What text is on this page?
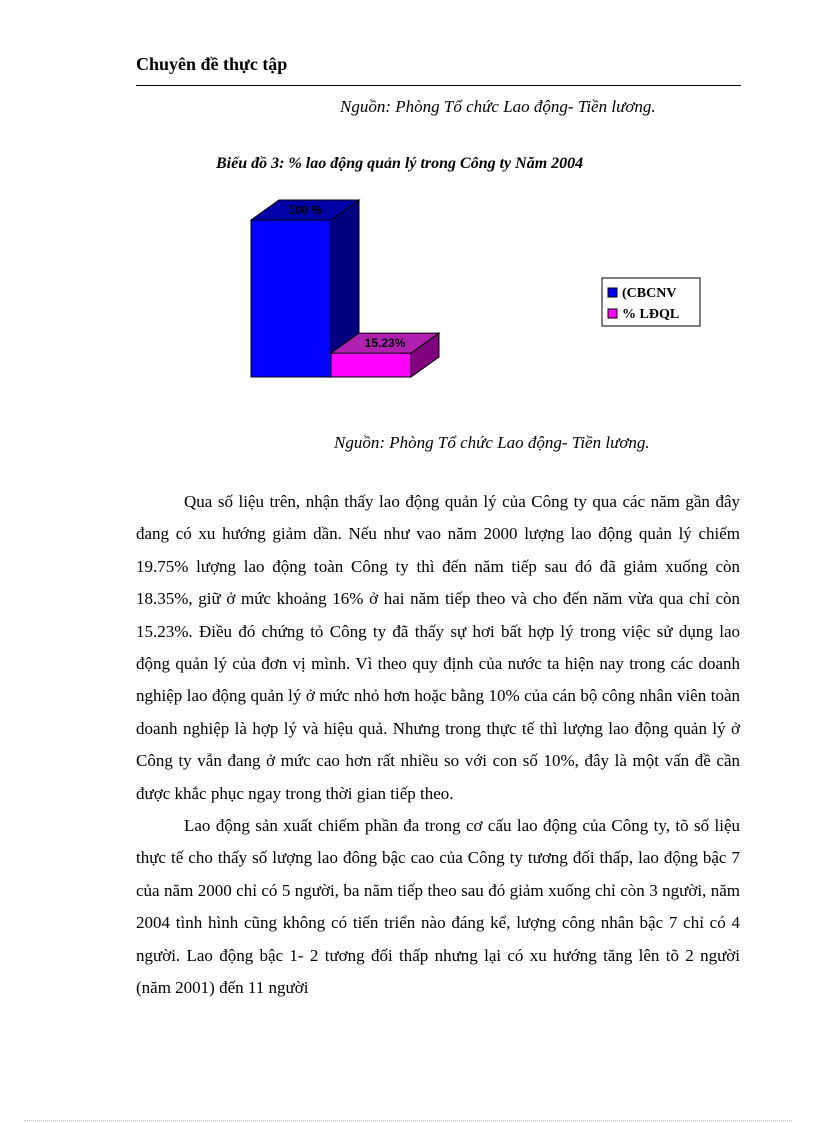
Chuyên đề thực tập
Nguồn: Phòng Tổ chức Lao động- Tiền lương.
Biểu đồ 3: % lao động quản lý trong Công ty Năm 2004
100 %
15.23%
(CBCNV
% LĐQL
Nguồn: Phòng Tổ chức Lao động- Tiền lương.

Qua số liệu trên, nhận thấy lao động quản lý của Công ty qua các năm gần đây đang có xu hướng giảm dần. Nếu như vao năm 2000 lượng lao động quản lý chiếm 19.75% lượng lao động toàn Công ty thì đến năm tiếp sau đó đã giảm xuống còn 18.35%, giữ ở mức khoảng 16% ở hai năm tiếp theo và cho đến năm vừa qua chỉ còn 15.23%. Điều đó chứng tỏ Công ty đã thấy sự hơi bất hợp lý trong việc sử dụng lao động quản lý của đơn vị mình. Vì theo quy định của nước ta hiện nay trong các doanh nghiệp lao động quản lý ở mức nhỏ hơn hoặc bằng 10% của cán bộ công nhân viên toàn doanh nghiệp là hợp lý và hiệu quả. Nhưng trong thực tế thì lượng lao động quản lý ở Công ty vẫn đang ở mức cao hơn rất nhiều so với con số 10%, đây là một vấn đề cần được khắc phục ngay trong thời gian tiếp theo.

Lao động sản xuất chiếm phần đa trong cơ cấu lao động của Công ty, tõ số liệu thực tế cho thấy số lượng lao đông bậc cao của Công ty tương đối thấp, lao động bậc 7 của năm 2000 chỉ có 5 người, ba năm tiếp theo sau đó giảm xuống chỉ còn 3 người, năm 2004 tình hình cũng không có tiến triển nào đáng kể, lượng công nhân bậc 7 chỉ có 4 người. Lao động bậc 1- 2 tương đối thấp nhưng lại có xu hướng tăng lên tõ 2 người (năm 2001) đến 11 người
